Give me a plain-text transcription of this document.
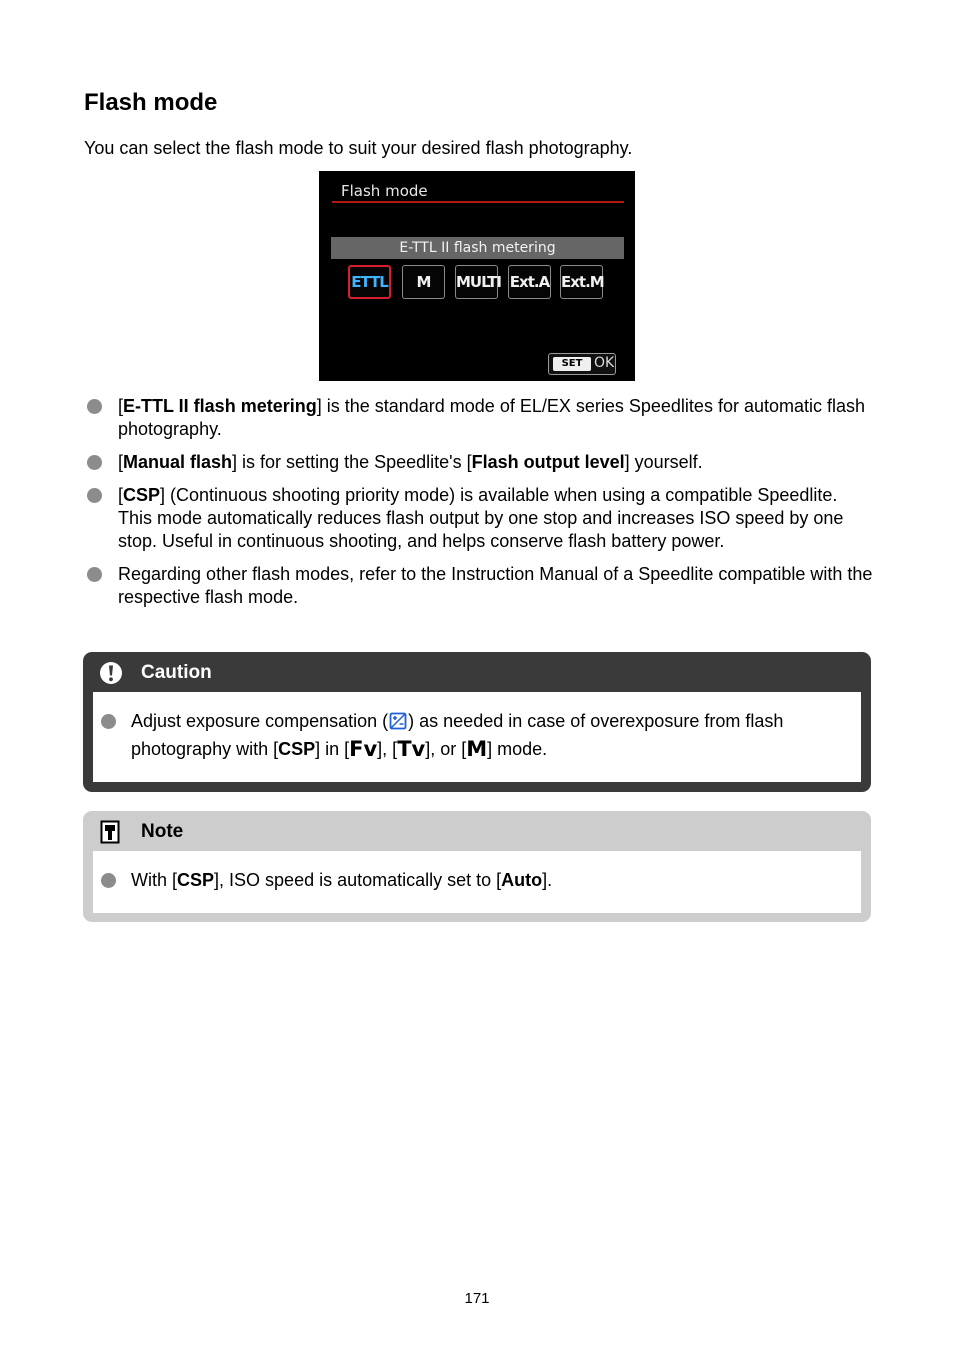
Flash mode

You can select the flash mode to suit your desired flash photography.

Flash mode
E-TTL II flash metering
ETTL	M	MULTI Ext.A Ext.M
SET OK
[E-TTL II flash metering] is the standard mode of EL/EX series Speedlites for automatic flash photography.
[Manual flash] is for setting the Speedlite's [Flash output level] yourself.
[CSP] (Continuous shooting priority mode) is available when using a compatible Speedlite. This mode automatically reduces flash output by one stop and increases ISO speed by one stop. Useful in continuous shooting, and helps conserve flash battery power.
Regarding other flash modes, refer to the Instruction Manual of a Speedlite compatible with the respective flash mode.
Caution
Adjust exposure compensation ( ) as needed in case of overexposure from flash photography with [CSP] in [Fv], [Tv], or [M] mode.
Note
With [CSP], ISO speed is automatically set to [Auto].
171
